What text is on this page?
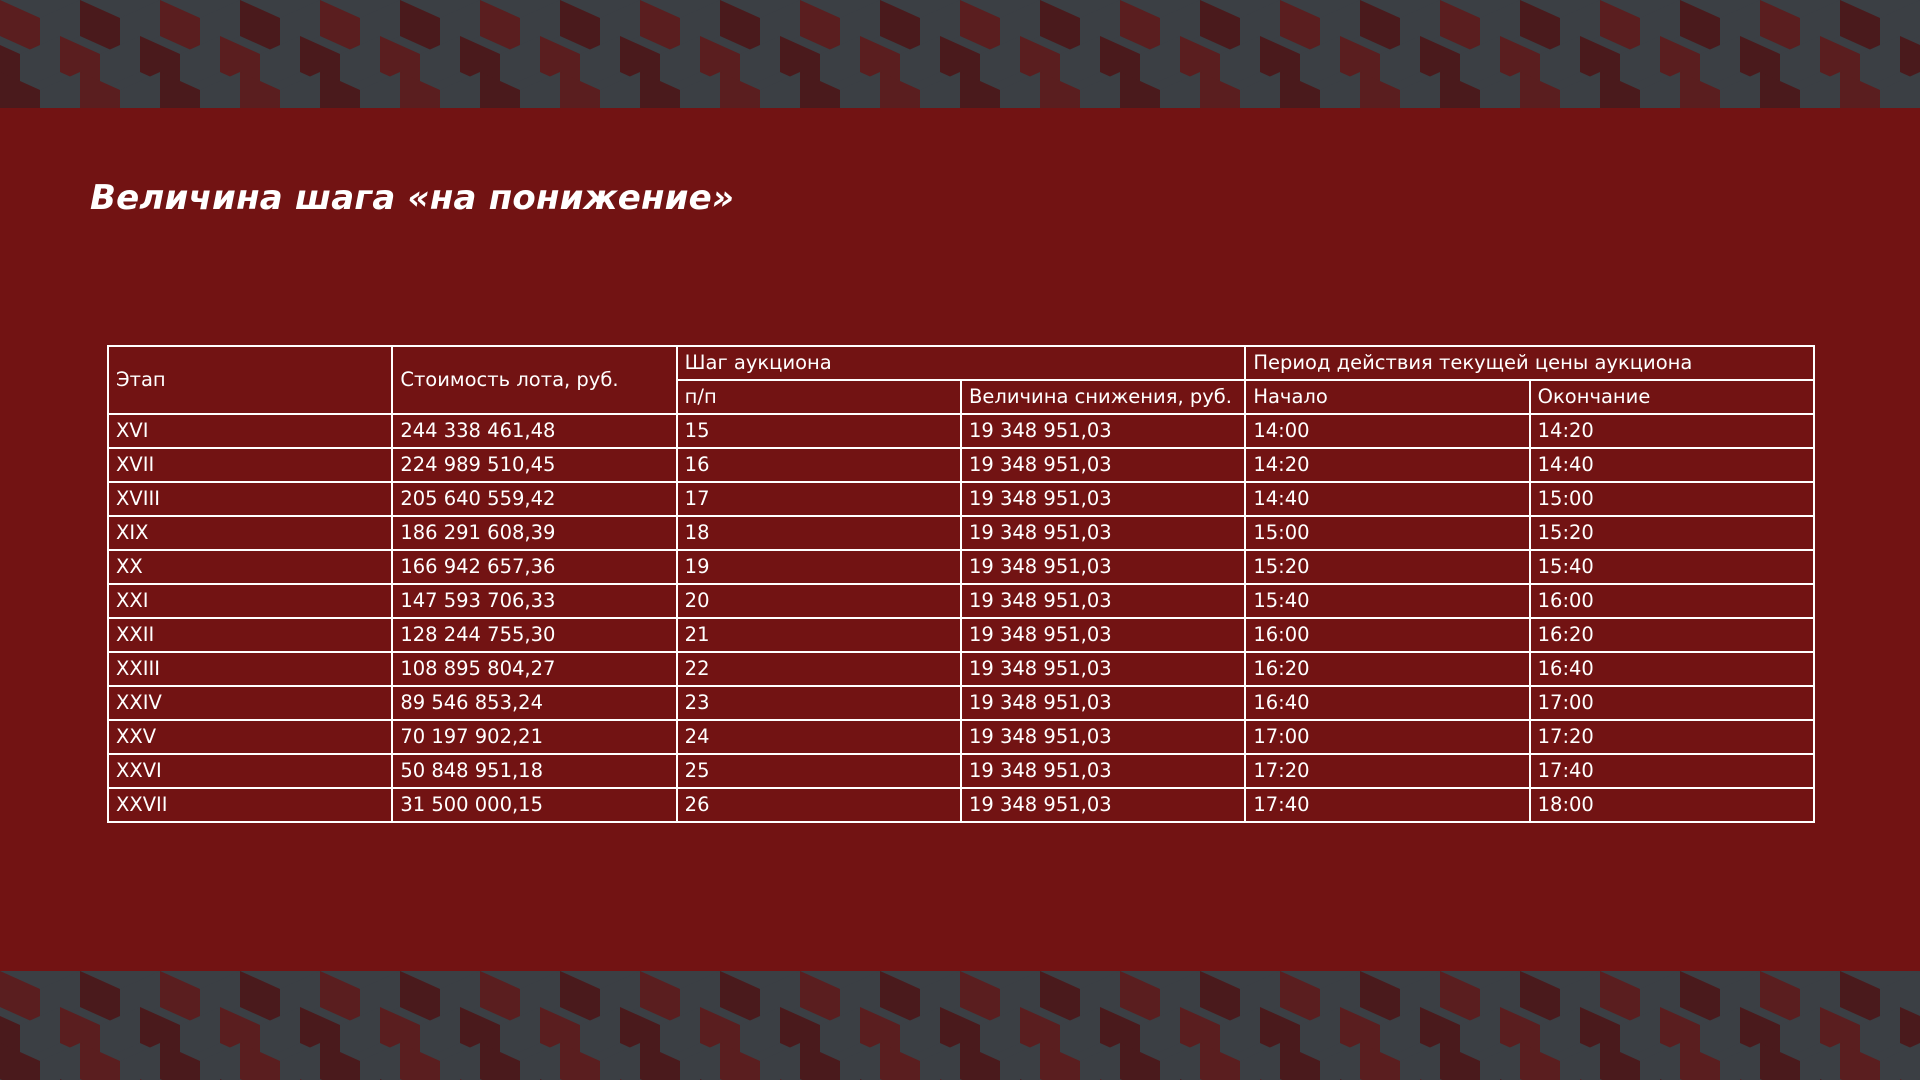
Величина шага «на понижение»
Этап	Стоимость лота, руб.	Шаг аукциона		Период действия текущей цены аукциона	
		п/п	Величина снижения, руб.	Начало	Окончание
XVI	244 338 461,48	15	19 348 951,03	14:00	14:20
XVII	224 989 510,45	16	19 348 951,03	14:20	14:40
XVIII	205 640 559,42	17	19 348 951,03	14:40	15:00
XIX	186 291 608,39	18	19 348 951,03	15:00	15:20
XX	166 942 657,36	19	19 348 951,03	15:20	15:40
XXI	147 593 706,33	20	19 348 951,03	15:40	16:00
XXII	128 244 755,30	21	19 348 951,03	16:00	16:20
XXIII	108 895 804,27	22	19 348 951,03	16:20	16:40
XXIV	89 546 853,24	23	19 348 951,03	16:40	17:00
XXV	70 197 902,21	24	19 348 951,03	17:00	17:20
XXVI	50 848 951,18	25	19 348 951,03	17:20	17:40
XXVII	31 500 000,15	26	19 348 951,03	17:40	18:00
